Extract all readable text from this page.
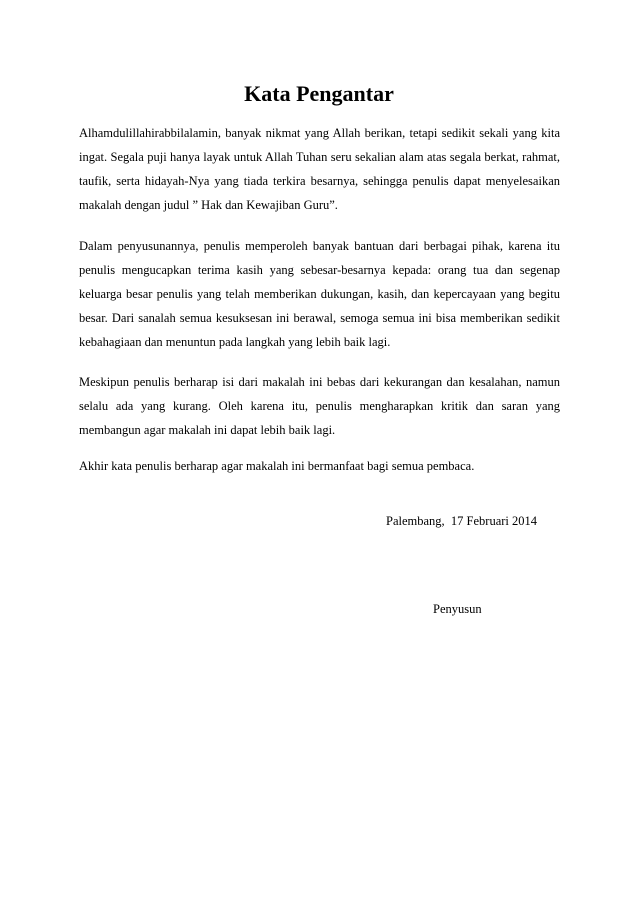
Kata Pengantar
Alhamdulillahirabbilalamin, banyak nikmat yang Allah berikan, tetapi sedikit sekali yang kita ingat. Segala puji hanya layak untuk Allah Tuhan seru sekalian alam atas segala berkat, rahmat, taufik, serta hidayah-Nya yang tiada terkira besarnya, sehingga penulis dapat menyelesaikan makalah dengan judul ” Hak dan Kewajiban Guru”.
Dalam penyusunannya, penulis memperoleh banyak bantuan dari berbagai pihak, karena itu penulis mengucapkan terima kasih yang sebesar-besarnya kepada: orang tua dan segenap keluarga besar penulis yang telah memberikan dukungan, kasih, dan kepercayaan yang begitu besar. Dari sanalah semua kesuksesan ini berawal, semoga semua ini bisa memberikan sedikit kebahagiaan dan menuntun pada langkah yang lebih baik lagi.
Meskipun penulis berharap isi dari makalah ini bebas dari kekurangan dan kesalahan, namun selalu ada yang kurang. Oleh karena itu, penulis mengharapkan kritik dan saran yang membangun agar makalah ini dapat lebih baik lagi.
Akhir kata penulis berharap agar makalah ini bermanfaat bagi semua pembaca.
Palembang,  17 Februari 2014
Penyusun
